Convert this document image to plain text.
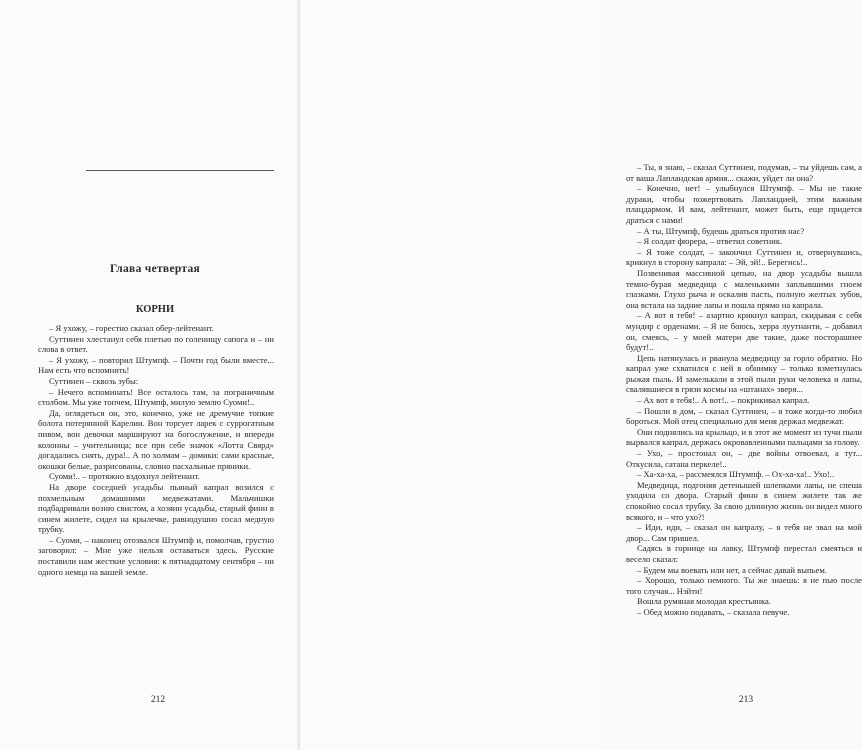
Глава четвертая
КОРНИ

– Я ухожу, – горестно сказал обер-лейтенант.

Суттинен хлестанул себя плетью по голенищу сапога и – ни слова в ответ.

– Я ухожу, – повторил Штумпф. – Почти год были вместе... Нам есть что вспомнить!

Суттинен – сквозь зубы:

– Нечего вспоминать! Все осталось там, за пограничным столбом. Мы уже топчем, Штумпф, милую землю Суоми!..

Да, оглядеться он, это, конечно, уже не дремучие топкие болота потерянной Карелии. Вон торгует ларек с суррогатным пивом, вон девочки маршируют на богослужение, и впереди колонны – учительница; все при себе значок «Лотта Свярд» догадались снять, дура!.. А по холмам – домики: сами красные, окошки белые, разрисованы, словно пасхальные пряники.

Суоми!.. – протяжно вздохнул лейтенант.

На дворе соседней усадьбы пьяный капрал возился с похмельным домашними медвежатами. Мальчишки подбадривали возню свистом, а хозяин усадьбы, старый финн в синем жилете, сидел на крылечке, равнодушно сосал медную трубку.

– Суоми, – наконец отозвался Штумпф и, помолчав, грустно заговорил: – Мне уже нельзя оставаться здесь. Русские поставили нам жесткие условия: к пятнадцатому сентября – ни одного немца на вашей земле.

212

– Ты, я знаю, – сказал Суттинен, подумав, – ты уйдешь сам, а от ваша Лапландская армия... скажи, уйдет ли она?

– Конечно, нет! – улыбнулся Штумпф. – Мы не такие дураки, чтобы пожертвовать Лапландией, этим важным плацдармом. И вам, лейтенант, может быть, еще придется драться с нами!

– А ты, Штумпф, будешь драться против нас?

– Я солдат фюрера, – ответил советник.

– Я тоже солдат, – закончил Суттинен и, отвернувшись, крикнул в сторону капрала: – Эй, эй!.. Берегись!..

Позвенивая массивной цепью, на двор усадьбы вышла темно-бурая медведица с маленькими заплывшими гноем глазками. Глухо рыча и оскалив пасть, полную желтых зубов, она встала на задние лапы и пошла прямо на капрала.

– А вот я тебя! – азартно крикнул капрал, скидывая с себя мундир с орденами. – Я не боюсь, херра луутнанти, – добавил он, смеясь, – у моей матери две такие, даже посторашнее будут!..

Цепь натянулась и рванула медведицу за горло обратно. Но капрал уже схватился с ней в обнимку – только взметнулась рыжая пыль. И замелькали в этой пыли руки человека и лапы, свалявшиеся в грязи космы на «штанах» зверя...

– Ах вот я тебя!.. А вот!.. – покрикивал капрал.

– Пошли в дом, – сказал Суттинен, – я тоже когда-то любил бороться. Мой отец специально для меня держал медвежат.

Они поднялись на крыльцо, и в этот же момент из тучи пыли вырвался капрал, держась окровавленными пальцами за голову.

– Ухо, – простонал он, – две войны отвоевал, а тут... Откусила, сатана перкеле!..

– Ха-ха-ха, – рассмеялся Штумпф. – Ох-ха-ха!.. Ухо!..

Медведица, подгоняя детенышей шлепками лапы, не спеша уходила со двора. Старый финн в синем жилете так же спокойно сосал трубку. За свою длинную жизнь он видел много всякого, и – что ухо?!

– Иди, иди, – сказал он капралу, – я тебя не звал на мой двор... Сам пришел.

Садясь в горнице на лавку, Штумпф перестал смеяться и весело сказал:

– Будем мы воевать или нет, а сейчас давай выпьем.

– Хорошо, только немного. Ты же знаешь: я не пью после того случая... Нэйти!

Вошла румяная молодая крестьянка.

– Обед можно подавать, – сказала певуче.

213
